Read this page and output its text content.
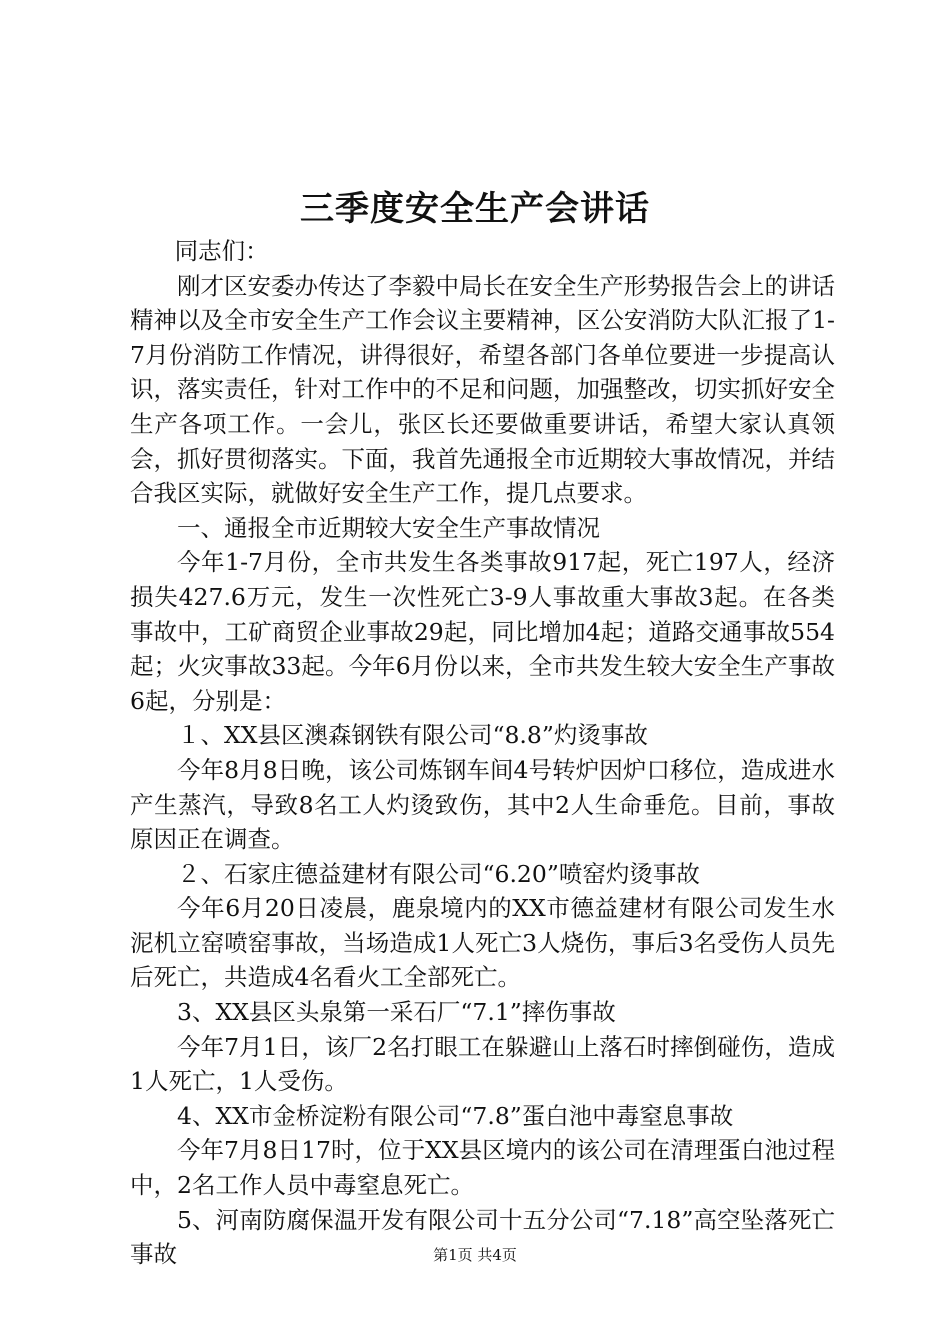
三季度安全生产会讲话

同志们：

刚才区安委办传达了李毅中局长在安全生产形势报告会上的讲话精神以及全市安全生产工作会议主要精神，区公安消防大队汇报了1-7月份消防工作情况，讲得很好，希望各部门各单位要进一步提高认识，落实责任，针对工作中的不足和问题，加强整改，切实抓好安全生产各项工作。一会儿，张区长还要做重要讲话，希望大家认真领会，抓好贯彻落实。下面，我首先通报全市近期较大事故情况，并结合我区实际，就做好安全生产工作，提几点要求。

一、通报全市近期较大安全生产事故情况

今年1-7月份，全市共发生各类事故917起，死亡197人，经济损失427.6万元，发生一次性死亡3-9人事故重大事故3起。在各类事故中，工矿商贸企业事故29起，同比增加4起；道路交通事故554起；火灾事故33起。今年6月份以来，全市共发生较大安全生产事故6起，分别是：

１、XX县区澳森钢铁有限公司“8.8”灼烫事故

今年8月8日晚，该公司炼钢车间4号转炉因炉口移位，造成进水产生蒸汽，导致8名工人灼烫致伤，其中2人生命垂危。目前，事故原因正在调查。

２、石家庄德益建材有限公司“6.20”喷窑灼烫事故

今年6月20日凌晨，鹿泉境内的XX市德益建材有限公司发生水泥机立窑喷窑事故，当场造成1人死亡3人烧伤，事后3名受伤人员先后死亡，共造成4名看火工全部死亡。

3、XX县区头泉第一采石厂“7.1”摔伤事故

今年7月1日，该厂2名打眼工在躲避山上落石时摔倒碰伤，造成1人死亡，1人受伤。

4、XX市金桥淀粉有限公司“7.8”蛋白池中毒窒息事故

今年7月8日17时，位于XX县区境内的该公司在清理蛋白池过程中，2名工作人员中毒窒息死亡。

5、河南防腐保温开发有限公司十五分公司“7.18”高空坠落死亡事故	第1页 共4页
